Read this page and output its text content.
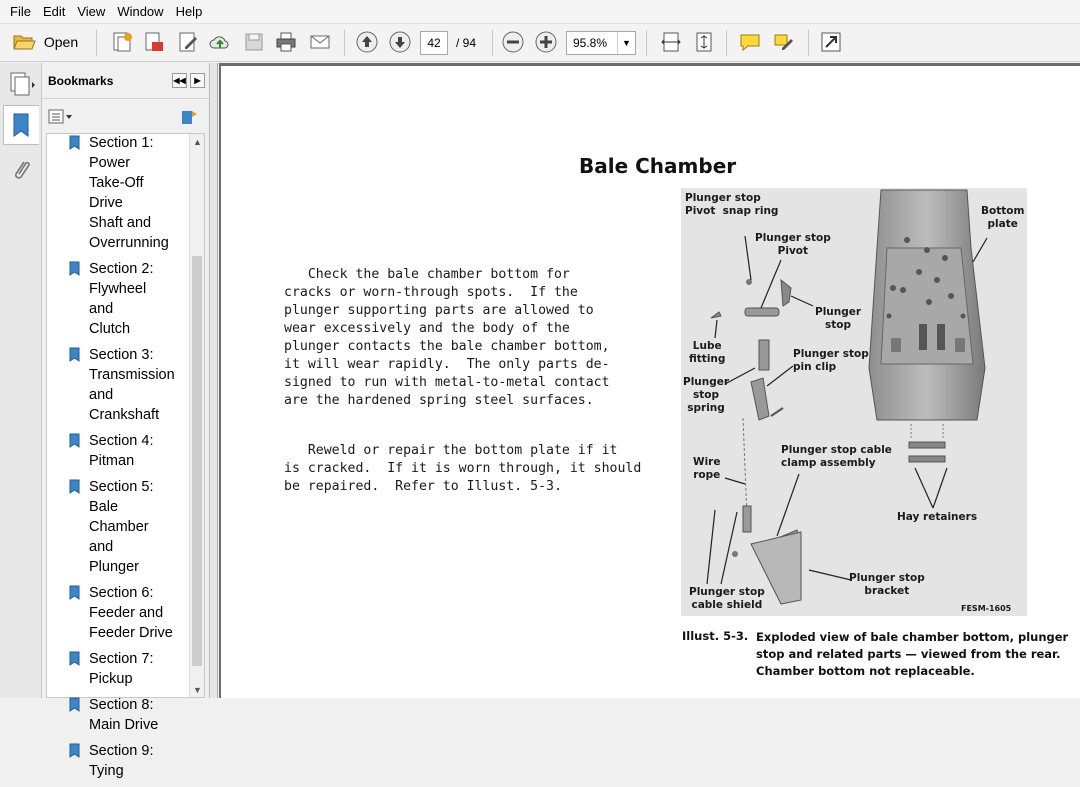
File Edit View Window Help
Open	42	/ 94	95.8%	▼
Bookmarks	◀◀	▶
Section 1:
Power
Take-Off Drive
Shaft and
Overrunning
Section 2:
Flywheel and
Clutch
Section 3:
Transmission
and
Crankshaft
Section 4:
Pitman
Section 5: Bale
Chamber and
Plunger
Section 6:
Feeder and
Feeder Drive
Section 7:
Pickup
Section 8:
Main Drive
Section 9:
Tying
▲
▼
Bale Chamber
Check the bale chamber bottom for
cracks or worn-through spots.  If the
plunger supporting parts are allowed to
wear excessively and the body of the
plunger contacts the bale chamber bottom,
it will wear rapidly.  The only parts de-
signed to run with metal-to-metal contact
are the hardened spring steel surfaces.
Reweld or repair the bottom plate if it
is cracked.  If it is worn through, it should
be repaired.  Refer to Illust. 5-3.
Plunger stop
Pivot  snap ring
Plunger stop
Pivot
Bottom
plate
Plunger
stop
Lube
fitting	Plunger stop
pin clip
Plunger
stop
spring
Plunger stop cable
clamp assembly
Wire
rope
Hay retainers
Plunger stop
bracket
Plunger stop
cable shield	FESM-1605
Illust. 5-3. Exploded view of bale chamber bottom, plunger
stop and related parts — viewed from the rear.
Chamber bottom not replaceable.
